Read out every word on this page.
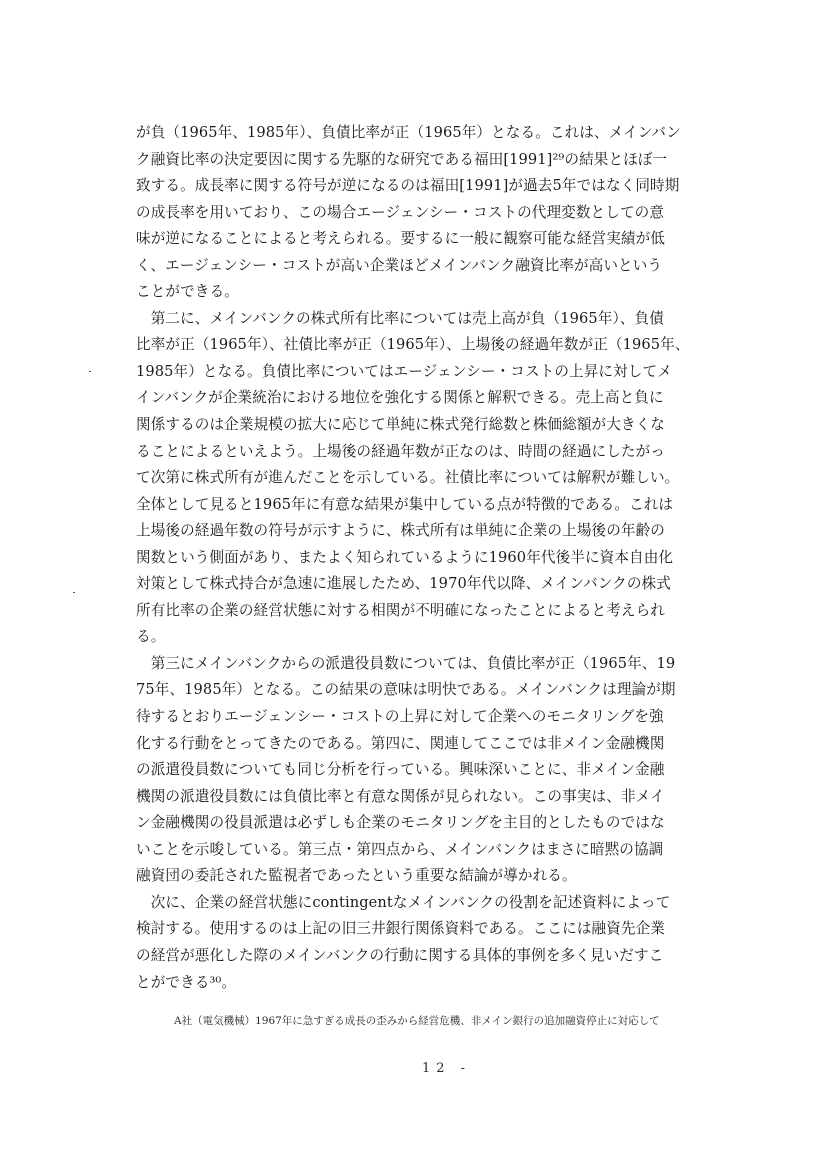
が負（1965年、1985年）、負債比率が正（1965年）となる。これは、メインバン
ク融資比率の決定要因に関する先駆的な研究である福田[1991]²⁹の結果とほぼ一
致する。成長率に関する符号が逆になるのは福田[1991]が過去5年ではなく同時期
の成長率を用いており、この場合エージェンシー・コストの代理変数としての意
味が逆になることによると考えられる。要するに一般に観察可能な経営実績が低
く、エージェンシー・コストが高い企業ほどメインバンク融資比率が高いという
ことができる。
　第二に、メインバンクの株式所有比率については売上高が負（1965年）、負債
比率が正（1965年）、社債比率が正（1965年）、上場後の経過年数が正（1965年、
1985年）となる。負債比率についてはエージェンシー・コストの上昇に対してメ
インバンクが企業統治における地位を強化する関係と解釈できる。売上高と負に
関係するのは企業規模の拡大に応じて単純に株式発行総数と株価総額が大きくな
ることによるといえよう。上場後の経過年数が正なのは、時間の経過にしたがっ
て次第に株式所有が進んだことを示している。社債比率については解釈が難しい。
全体として見ると1965年に有意な結果が集中している点が特徴的である。これは
上場後の経過年数の符号が示すように、株式所有は単純に企業の上場後の年齢の
関数という側面があり、またよく知られているように1960年代後半に資本自由化
対策として株式持合が急速に進展したため、1970年代以降、メインバンクの株式
所有比率の企業の経営状態に対する相関が不明確になったことによると考えられ
る。
　第三にメインバンクからの派遣役員数については、負債比率が正（1965年、19
75年、1985年）となる。この結果の意味は明快である。メインバンクは理論が期
待するとおりエージェンシー・コストの上昇に対して企業へのモニタリングを強
化する行動をとってきたのである。第四に、関連してここでは非メイン金融機関
の派遣役員数についても同じ分析を行っている。興味深いことに、非メイン金融
機関の派遣役員数には負債比率と有意な関係が見られない。この事実は、非メイ
ン金融機関の役員派遣は必ずしも企業のモニタリングを主目的としたものではな
いことを示唆している。第三点・第四点から、メインバンクはまさに暗黙の協調
融資団の委託された監視者であったという重要な結論が導かれる。
　次に、企業の経営状態にcontingentなメインバンクの役割を記述資料によって
検討する。使用するのは上記の旧三井銀行関係資料である。ここには融資先企業
の経営が悪化した際のメインバンクの行動に関する具体的事例を多く見いだすこ
とができる³⁰。
A社（電気機械）1967年に急すぎる成長の歪みから経営危機、非メイン銀行の追加融資停止に対応して
12 -
